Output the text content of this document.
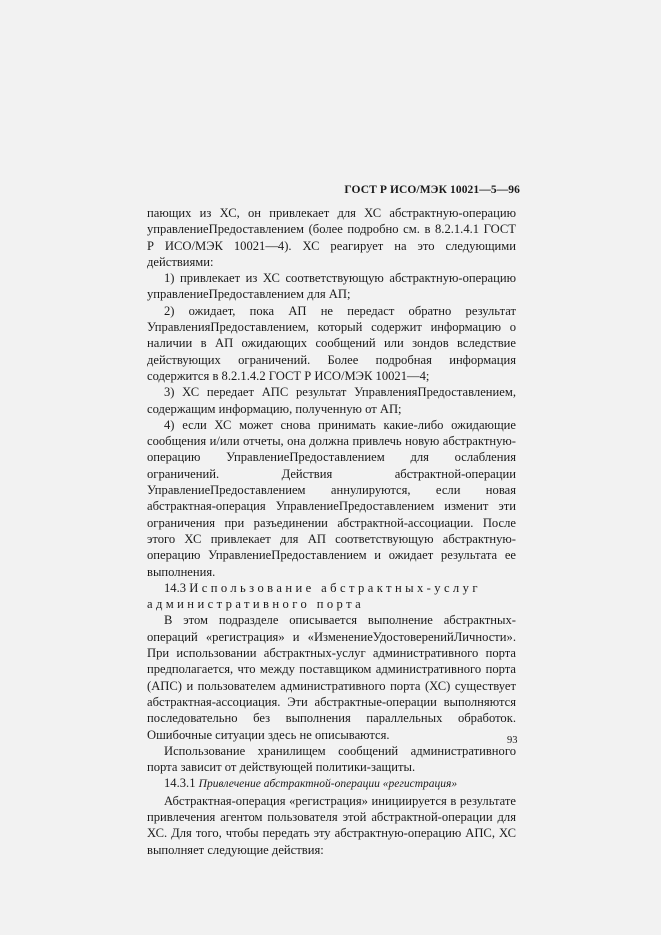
ГОСТ Р ИСО/МЭК 10021—5—96

пающих из ХС, он привлекает для ХС абстрактную-операцию управлениеПредоставлением (более подробно см. в 8.2.1.4.1 ГОСТ Р ИСО/МЭК 10021—4). ХС реагирует на это следующими действиями:

1) привлекает из ХС соответствующую абстрактную-операцию управлениеПредоставлением для АП;

2) ожидает, пока АП не передаст обратно результат УправленияПредоставлением, который содержит информацию о наличии в АП ожидающих сообщений или зондов вследствие действующих ограничений. Более подробная информация содержится в 8.2.1.4.2 ГОСТ Р ИСО/МЭК 10021—4;

3) ХС передает АПС результат УправленияПредоставлением, содержащим информацию, полученную от АП;

4) если ХС может снова принимать какие-либо ожидающие сообщения и/или отчеты, она должна привлечь новую абстрактную-операцию УправлениеПредоставлением для ослабления ограничений. Действия абстрактной-операции УправлениеПредоставлением аннулируются, если новая абстрактная-операция УправлениеПредоставлением изменит эти ограничения при разъединении абстрактной-ассоциации. После этого ХС привлекает для АП соответствующую абстрактную-операцию УправлениеПредоставлением и ожидает результата ее выполнения.

14.3 Использование абстрактных-услуг административного порта

В этом подразделе описывается выполнение абстрактных-операций «регистрация» и «ИзменениеУдостоверенийЛичности». При использовании абстрактных-услуг административного порта предполагается, что между поставщиком административного порта (АПС) и пользователем административного порта (ХС) существует абстрактная-ассоциация. Эти абстрактные-операции выполняются последовательно без выполнения параллельных обработок. Ошибочные ситуации здесь не описываются.

Использование хранилищем сообщений административного порта зависит от действующей политики-защиты.

14.3.1 Привлечение абстрактной-операции «регистрация»

Абстрактная-операция «регистрация» инициируется в результате привлечения агентом пользователя этой абстрактной-операции для ХС. Для того, чтобы передать эту абстрактную-операцию АПС, ХС выполняет следующие действия:

93
